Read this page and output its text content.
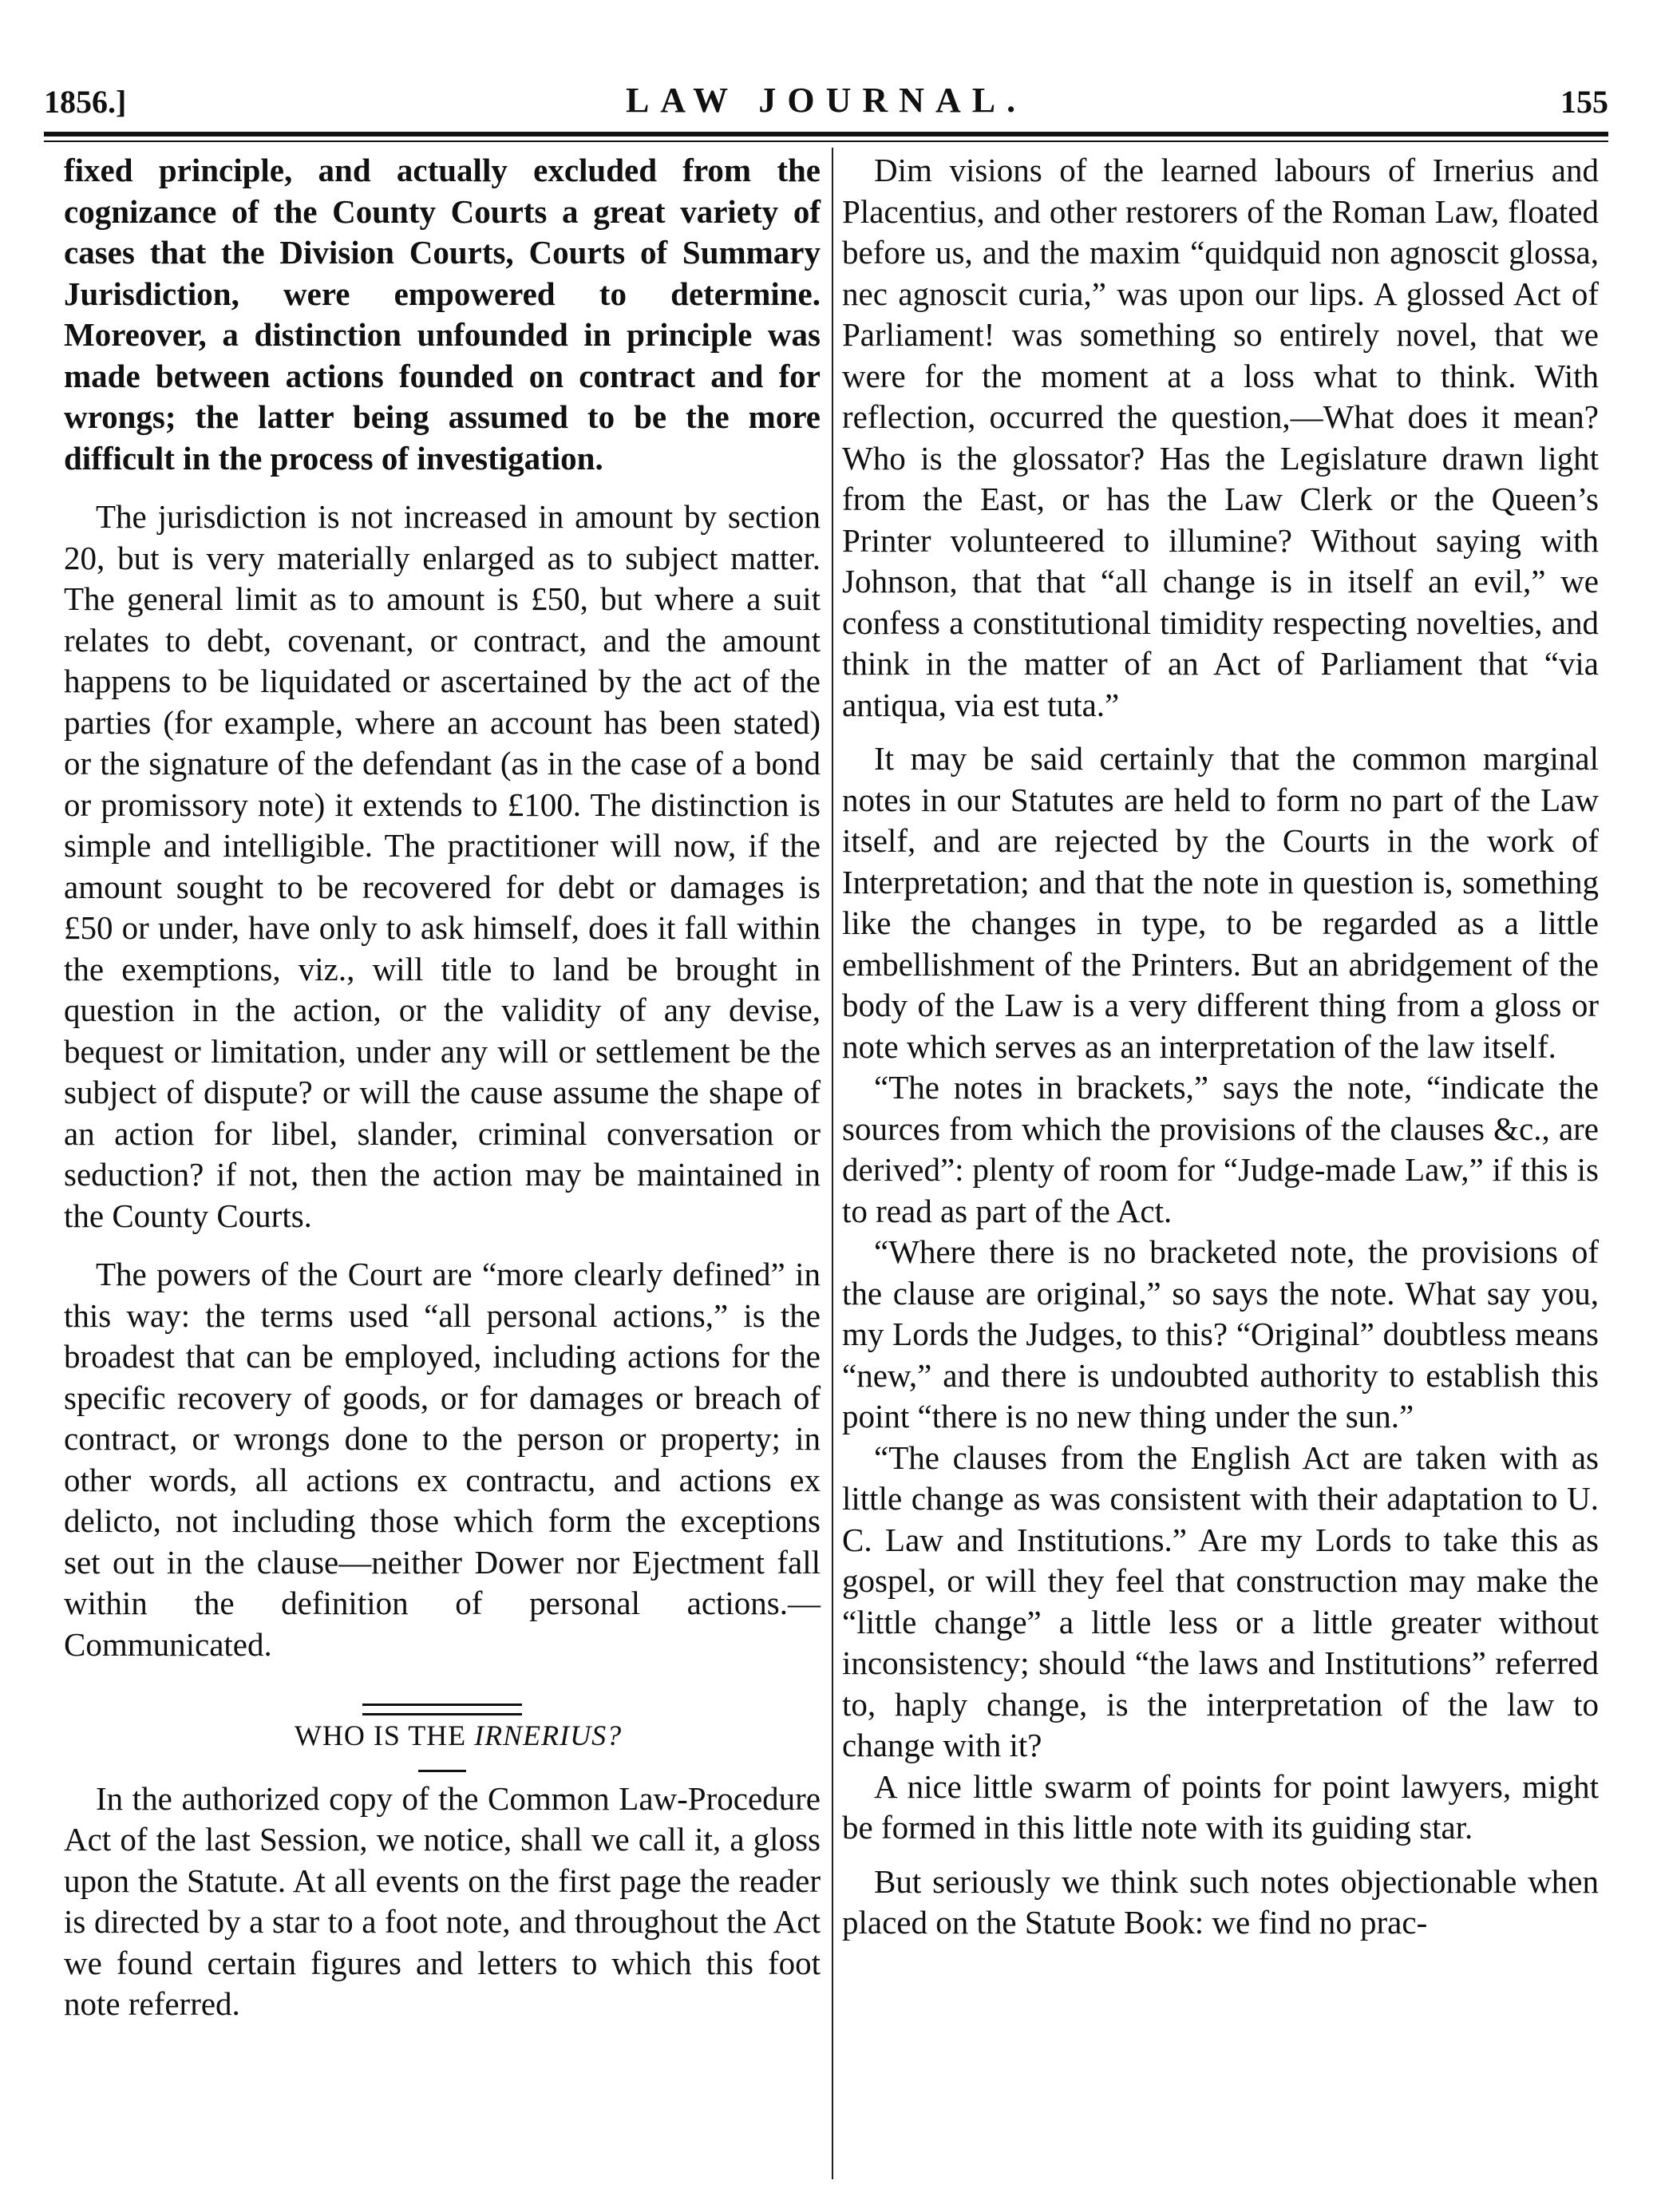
1856.]	LAW JOURNAL.	155

fixed principle, and actually excluded from the cognizance of the County Courts a great variety of cases that the Division Courts, Courts of Summary Jurisdiction, were empowered to determine. Moreover, a distinction unfounded in principle was made between actions founded on contract and for wrongs; the latter being assumed to be the more difficult in the process of investigation.

The jurisdiction is not increased in amount by section 20, but is very materially enlarged as to subject matter. The general limit as to amount is £50, but where a suit relates to debt, covenant, or contract, and the amount happens to be liquidated or ascertained by the act of the parties (for example, where an account has been stated) or the signature of the defendant (as in the case of a bond or promissory note) it extends to £100. The distinction is simple and intelligible. The practitioner will now, if the amount sought to be recovered for debt or damages is £50 or under, have only to ask himself, does it fall within the exemptions, viz., will title to land be brought in question in the action, or the validity of any devise, bequest or limitation, under any will or settlement be the subject of dispute? or will the cause assume the shape of an action for libel, slander, criminal conversation or seduction? if not, then the action may be maintained in the County Courts.

The powers of the Court are “more clearly defined” in this way: the terms used “all personal actions,” is the broadest that can be employed, including actions for the specific recovery of goods, or for damages or breach of contract, or wrongs done to the person or property; in other words, all actions ex contractu, and actions ex delicto, not including those which form the exceptions set out in the clause—neither Dower nor Ejectment fall within the definition of personal actions.—Communicated.

WHO IS THE IRNERIUS?

In the authorized copy of the Common Law-Procedure Act of the last Session, we notice, shall we call it, a gloss upon the Statute. At all events on the first page the reader is directed by a star to a foot note, and throughout the Act we found certain figures and letters to which this foot note referred.

Dim visions of the learned labours of Irnerius and Placentius, and other restorers of the Roman Law, floated before us, and the maxim “quidquid non agnoscit glossa, nec agnoscit curia,” was upon our lips. A glossed Act of Parliament! was something so entirely novel, that we were for the moment at a loss what to think. With reflection, occurred the question,—What does it mean? Who is the glossator? Has the Legislature drawn light from the East, or has the Law Clerk or the Queen’s Printer volunteered to illumine? Without saying with Johnson, that that “all change is in itself an evil,” we confess a constitutional timidity respecting novelties, and think in the matter of an Act of Parliament that “via antiqua, via est tuta.”

It may be said certainly that the common marginal notes in our Statutes are held to form no part of the Law itself, and are rejected by the Courts in the work of Interpretation; and that the note in question is, something like the changes in type, to be regarded as a little embellishment of the Printers. But an abridgement of the body of the Law is a very different thing from a gloss or note which serves as an interpretation of the law itself.

“The notes in brackets,” says the note, “indicate the sources from which the provisions of the clauses &c., are derived”: plenty of room for “Judge-made Law,” if this is to read as part of the Act.

“Where there is no bracketed note, the provisions of the clause are original,” so says the note. What say you, my Lords the Judges, to this? “Original” doubtless means “new,” and there is undoubted authority to establish this point “there is no new thing under the sun.”

“The clauses from the English Act are taken with as little change as was consistent with their adaptation to U. C. Law and Institutions.” Are my Lords to take this as gospel, or will they feel that construction may make the “little change” a little less or a little greater without inconsistency; should “the laws and Institutions” referred to, haply change, is the interpretation of the law to change with it?

A nice little swarm of points for point lawyers, might be formed in this little note with its guiding star.

But seriously we think such notes objectionable when placed on the Statute Book: we find no prac-
